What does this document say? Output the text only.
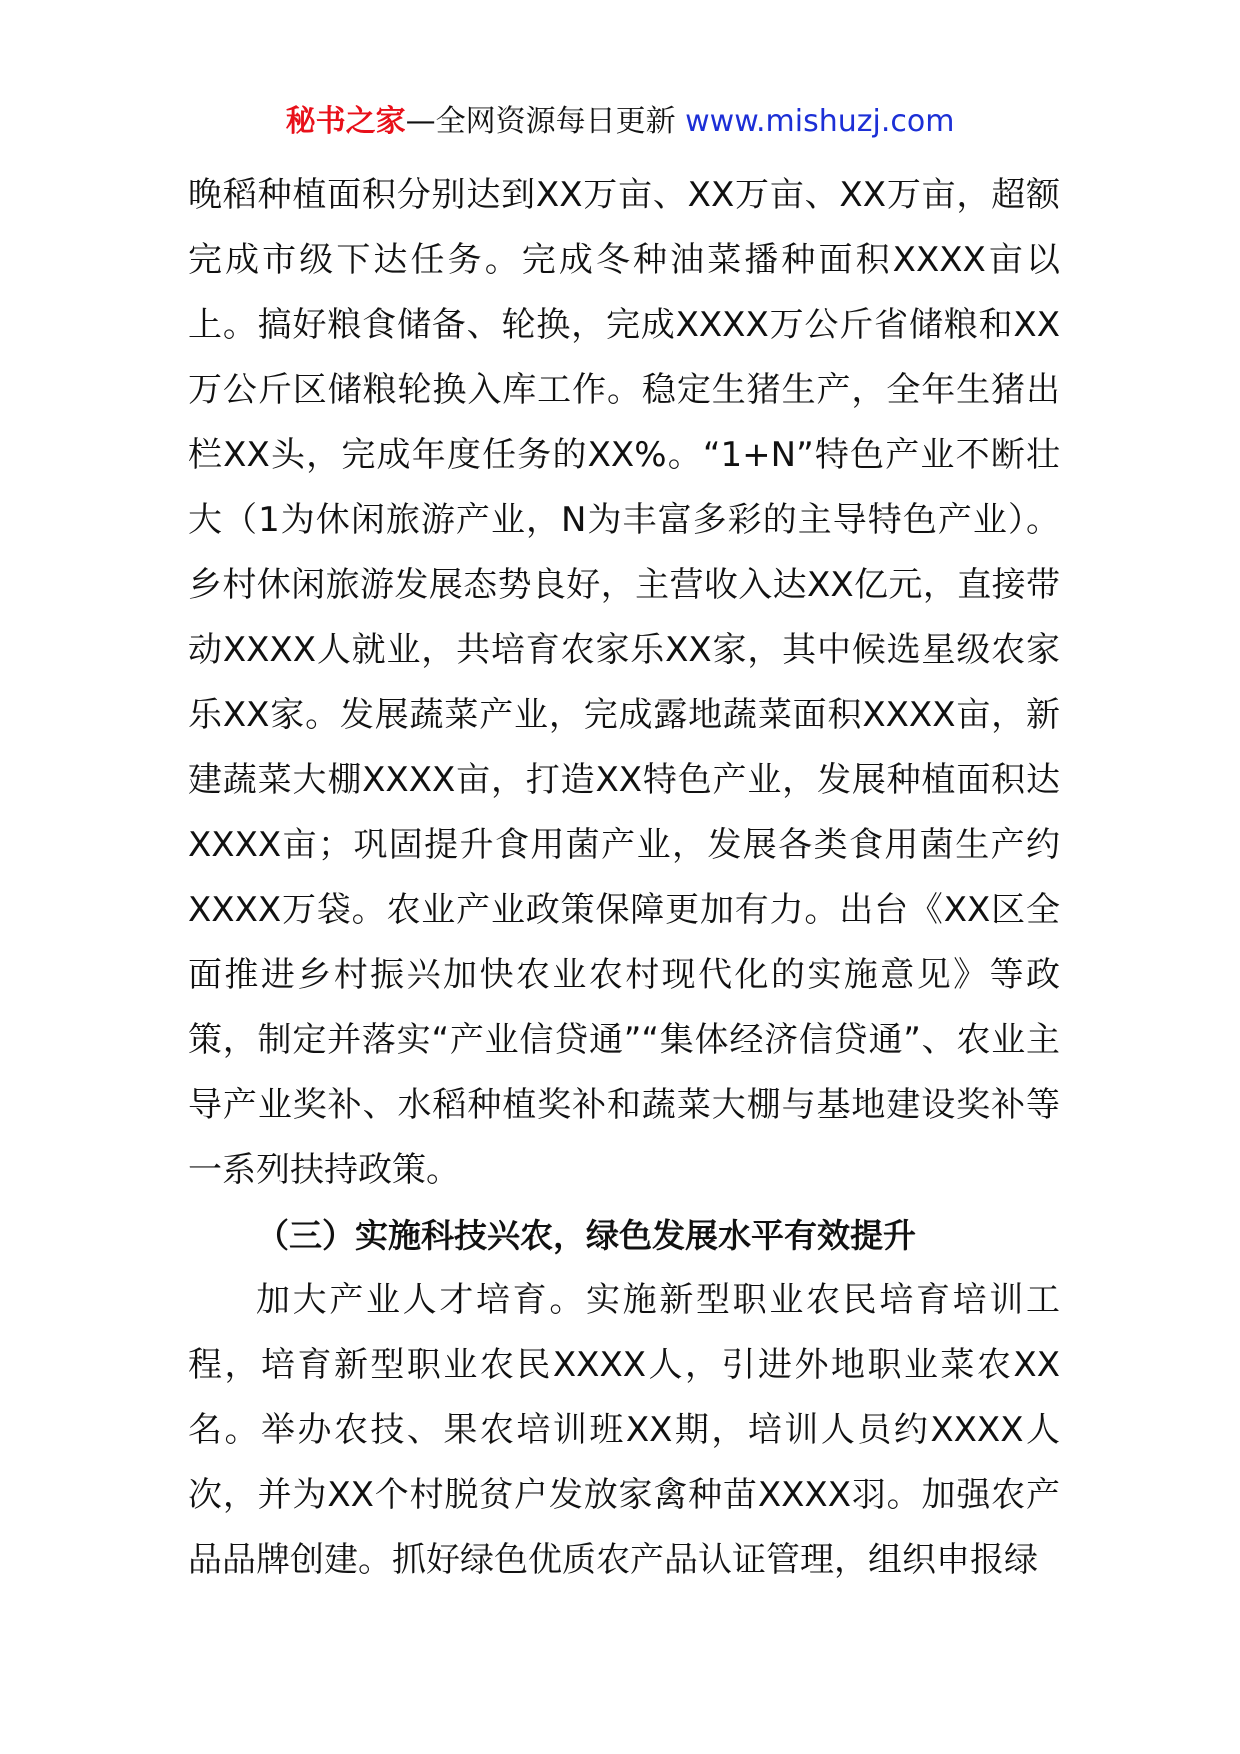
秘书之家—全网资源每日更新 www.mishuzj.com

晚稻种植面积分别达到XX万亩、XX万亩、XX万亩，超额完成市级下达任务。完成冬种油菜播种面积XXXX亩以上。搞好粮食储备、轮换，完成XXXX万公斤省储粮和XX万公斤区储粮轮换入库工作。稳定生猪生产，全年生猪出栏XX头，完成年度任务的XX%。“1+N”特色产业不断壮大（1为休闲旅游产业，N为丰富多彩的主导特色产业）。乡村休闲旅游发展态势良好，主营收入达XX亿元，直接带动XXXX人就业，共培育农家乐XX家，其中候选星级农家乐XX家。发展蔬菜产业，完成露地蔬菜面积XXXX亩，新建蔬菜大棚XXXX亩，打造XX特色产业，发展种植面积达XXXX亩；巩固提升食用菌产业，发展各类食用菌生产约XXXX万袋。农业产业政策保障更加有力。出台《XX区全面推进乡村振兴加快农业农村现代化的实施意见》等政策，制定并落实“产业信贷通”“集体经济信贷通”、农业主导产业奖补、水稻种植奖补和蔬菜大棚与基地建设奖补等一系列扶持政策。

（三）实施科技兴农，绿色发展水平有效提升

加大产业人才培育。实施新型职业农民培育培训工程，培育新型职业农民XXXX人，引进外地职业菜农XX名。举办农技、果农培训班XX期，培训人员约XXXX人次，并为XX个村脱贫户发放家禽种苗XXXX羽。加强农产品品牌创建。抓好绿色优质农产品认证管理，组织申报绿
